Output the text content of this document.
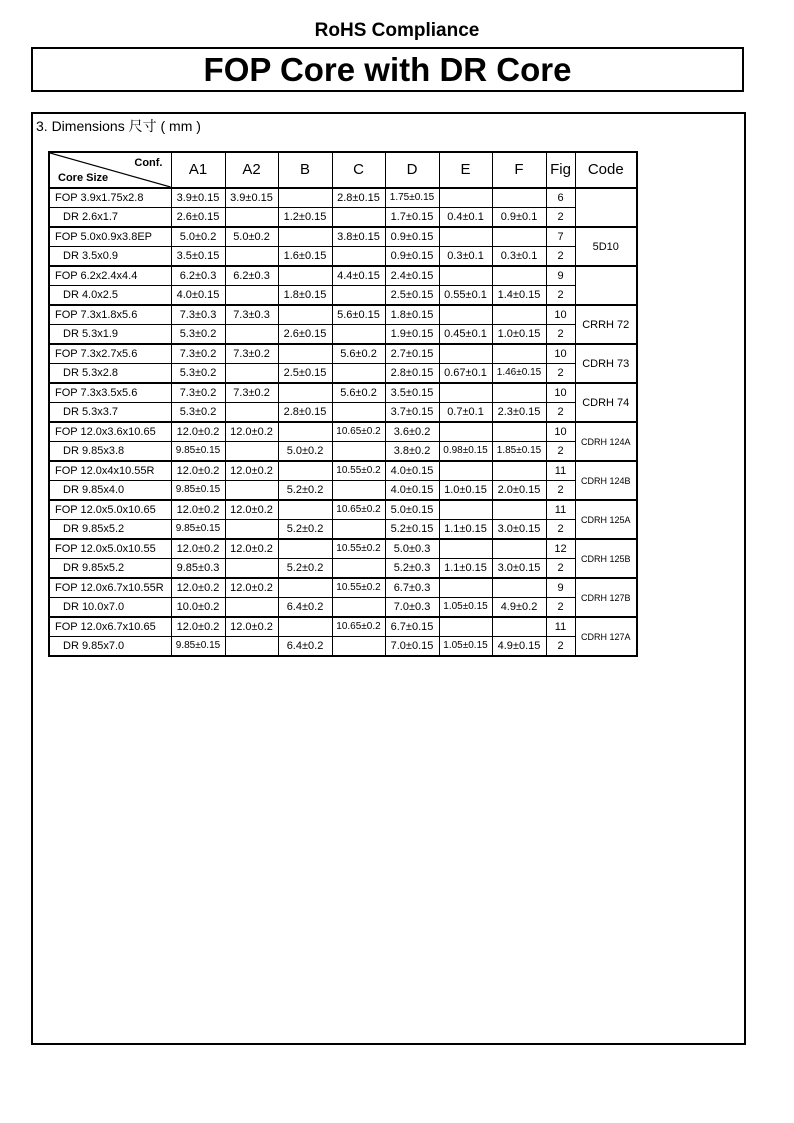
RoHS Compliance
FOP Core with DR Core
3. Dimensions 尺寸 ( mm )
Conf.
Core Size	A1	A2	B	C	D	E	F	Fig	Code
FOP 3.9x1.75x2.8	3.9±0.15	3.9±0.15		2.8±0.15	1.75±0.15			6	
DR 2.6x1.7	2.6±0.15		1.2±0.15		1.7±0.15	0.4±0.1	0.9±0.1	2	
FOP 5.0x0.9x3.8EP	5.0±0.2	5.0±0.2		3.8±0.15	0.9±0.15			7	5D10
DR 3.5x0.9	3.5±0.15		1.6±0.15		0.9±0.15	0.3±0.1	0.3±0.1	2	
FOP 6.2x2.4x4.4	6.2±0.3	6.2±0.3		4.4±0.15	2.4±0.15			9	
DR 4.0x2.5	4.0±0.15		1.8±0.15		2.5±0.15	0.55±0.1	1.4±0.15	2	
FOP 7.3x1.8x5.6	7.3±0.3	7.3±0.3		5.6±0.15	1.8±0.15			10	CRRH 72
DR 5.3x1.9	5.3±0.2		2.6±0.15		1.9±0.15	0.45±0.1	1.0±0.15	2	
FOP 7.3x2.7x5.6	7.3±0.2	7.3±0.2		5.6±0.2	2.7±0.15			10	CDRH 73
DR 5.3x2.8	5.3±0.2		2.5±0.15		2.8±0.15	0.67±0.1	1.46±0.15	2	
FOP 7.3x3.5x5.6	7.3±0.2	7.3±0.2		5.6±0.2	3.5±0.15			10	CDRH 74
DR 5.3x3.7	5.3±0.2		2.8±0.15		3.7±0.15	0.7±0.1	2.3±0.15	2	
FOP 12.0x3.6x10.65	12.0±0.2	12.0±0.2		10.65±0.2	3.6±0.2			10	CDRH 124A
DR 9.85x3.8	9.85±0.15		5.0±0.2		3.8±0.2	0.98±0.15	1.85±0.15	2	
FOP 12.0x4x10.55R	12.0±0.2	12.0±0.2		10.55±0.2	4.0±0.15			11	CDRH 124B
DR 9.85x4.0	9.85±0.15		5.2±0.2		4.0±0.15	1.0±0.15	2.0±0.15	2	
FOP 12.0x5.0x10.65	12.0±0.2	12.0±0.2		10.65±0.2	5.0±0.15			11	CDRH 125A
DR 9.85x5.2	9.85±0.15		5.2±0.2		5.2±0.15	1.1±0.15	3.0±0.15	2	
FOP 12.0x5.0x10.55	12.0±0.2	12.0±0.2		10.55±0.2	5.0±0.3			12	CDRH 125B
DR 9.85x5.2	9.85±0.3		5.2±0.2		5.2±0.3	1.1±0.15	3.0±0.15	2	
FOP 12.0x6.7x10.55R	12.0±0.2	12.0±0.2		10.55±0.2	6.7±0.3			9	CDRH 127B
DR 10.0x7.0	10.0±0.2		6.4±0.2		7.0±0.3	1.05±0.15	4.9±0.2	2	
FOP 12.0x6.7x10.65	12.0±0.2	12.0±0.2		10.65±0.2	6.7±0.15			11	CDRH 127A
DR 9.85x7.0	9.85±0.15		6.4±0.2		7.0±0.15	1.05±0.15	4.9±0.15	2	
